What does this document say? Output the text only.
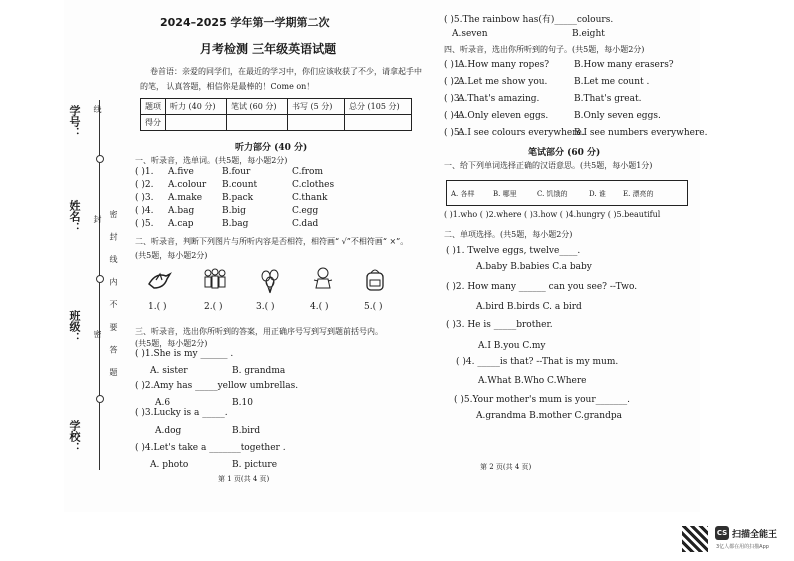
学校：
班级：
姓名：
学号：
密 封 线 内 不 要 答 题
线
封
密
2024–2025 学年第一学期第二次
月考检测 三年级英语试题
卷首语：亲爱的同学们，在最近的学习中，你们应该收获了不少，请拿起手中
的笔， 认真答题，相信你是最棒的！Come on！
题项	听力 (40 分)	笔试 (60 分)	书写 (5 分)	总分 (105 分)
得分				
听力部分 (40 分)
一、听录音，选单词。(共5题，每小题2分)
( )1. A.five	B.four	C.from
( )2. A.colour B.count	C.clothes
( )3. A.make B.pack	C.thank
( )4. A.bag	B.big	C.egg
( )5. A.cap	B.bag	C.dad
二、听录音，判断下列图片与所听内容是否相符，相符画“ √”不相符画“ ×”。
(共5题，每小题2分)
1.( )	2.( )	3.( )	4.( )	5.( )
三、听录音，选出你所听到的答案，用正确序号写到写到题前括号内。
(共5题，每小题2分)
( )1.She is my ______ .
A. sister	B. grandma
( )2.Amy has _____yellow umbrellas.
A.6	B.10
( )3.Lucky is a _____.
A.dog	B.bird
( )4.Let's take a _______together .
A. photo	B. picture
第 1 页(共 4 页)
( )5.The rainbow has(有)_____colours.
A.seven	B.eight
四、听录音，选出你所听到的句子。(共5题，每小题2分)
( )1.
A.How many ropes?	B.How many erasers?
( )2.
A.Let me show you.	B.Let me count .
( )3.
A.That's amazing.	B.That's great.
( )4.
A.Only eleven eggs.	B.Only seven eggs.
( )5.
A.I see colours everywhere.
B.I see numbers everywhere.
笔试部分 (60 分)
一、给下列单词选择正确的汉语意思。(共5题，每小题1分)
A. 各样	B. 哪里	C. 饥饿的	D. 谁 E. 漂亮的
( )1.who ( )2.where ( )3.how ( )4.hungry ( )5.beautiful
二、单项选择。(共5题，每小题2分)
( )1. Twelve eggs, twelve____.
A.baby B.babies C.a baby
( )2. How many ______ can you see? --Two.
A.bird B.birds C. a bird
( )3. He is _____brother.
A.I B.you C.my
( )4. _____is that? --That is my mum.
A.What B.Who C.Where
( )5.Your mother's mum is your_______.
A.grandma B.mother C.grandpa
第 2 页(共 4 页)
CS 扫描全能王
3亿人都在用的扫描App
